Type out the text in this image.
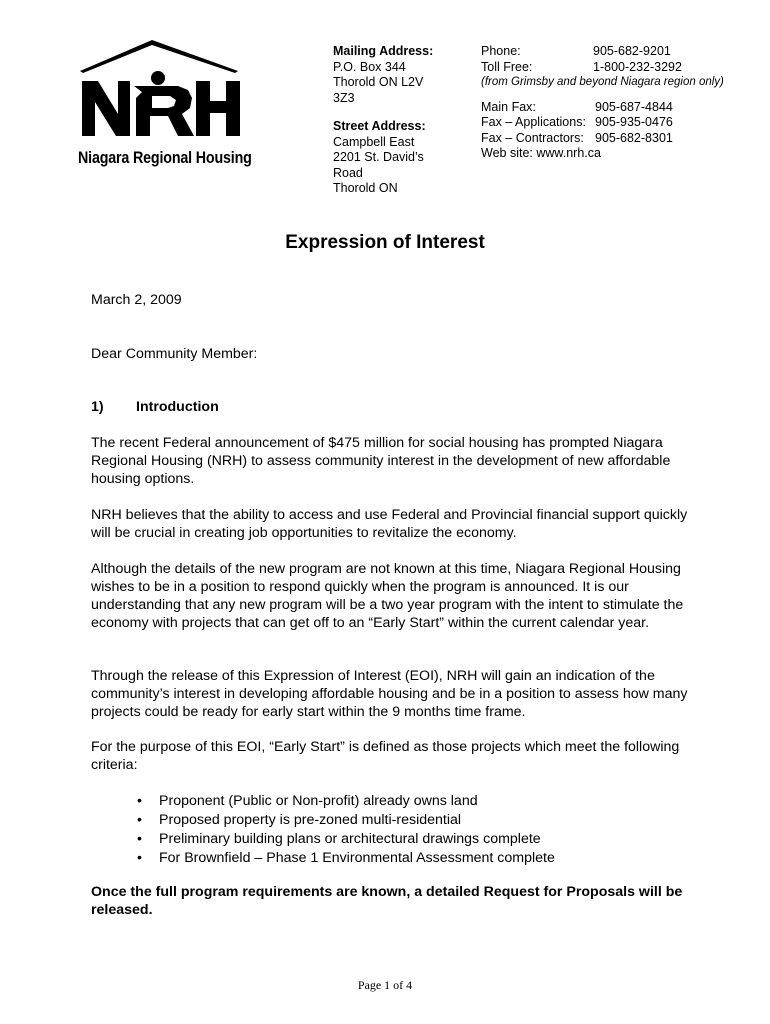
Niagara Regional Housing
Mailing Address:
P.O. Box 344
Thorold ON L2V
3Z3
Street Address:
Campbell East
2201 St. David’s
Road
Thorold ON
Phone:	905-682-9201
Toll Free:	1-800-232-3292
(from Grimsby and beyond Niagara region only)
Main Fax:	905-687-4844
Fax – Applications: 905-935-0476
Fax – Contractors: 905-682-8301
Web site: www.nrh.ca
Expression of Interest
March 2, 2009
Dear Community Member:
1) Introduction
The recent Federal announcement of $475 million for social housing has prompted Niagara Regional Housing (NRH) to assess community interest in the development of new affordable housing options.
NRH believes that the ability to access and use Federal and Provincial financial support quickly will be crucial in creating job opportunities to revitalize the economy.
Although the details of the new program are not known at this time, Niagara Regional Housing wishes to be in a position to respond quickly when the program is announced. It is our understanding that any new program will be a two year program with the intent to stimulate the economy with projects that can get off to an “Early Start” within the current calendar year.
Through the release of this Expression of Interest (EOI), NRH will gain an indication of the community’s interest in developing affordable housing and be in a position to assess how many projects could be ready for early start within the 9 months time frame.
For the purpose of this EOI, “Early Start” is defined as those projects which meet the following criteria:
• Proponent (Public or Non-profit) already owns land
• Proposed property is pre-zoned multi-residential
• Preliminary building plans or architectural drawings complete
• For Brownfield – Phase 1 Environmental Assessment complete
Once the full program requirements are known, a detailed Request for Proposals will be released.
Page 1 of 4
